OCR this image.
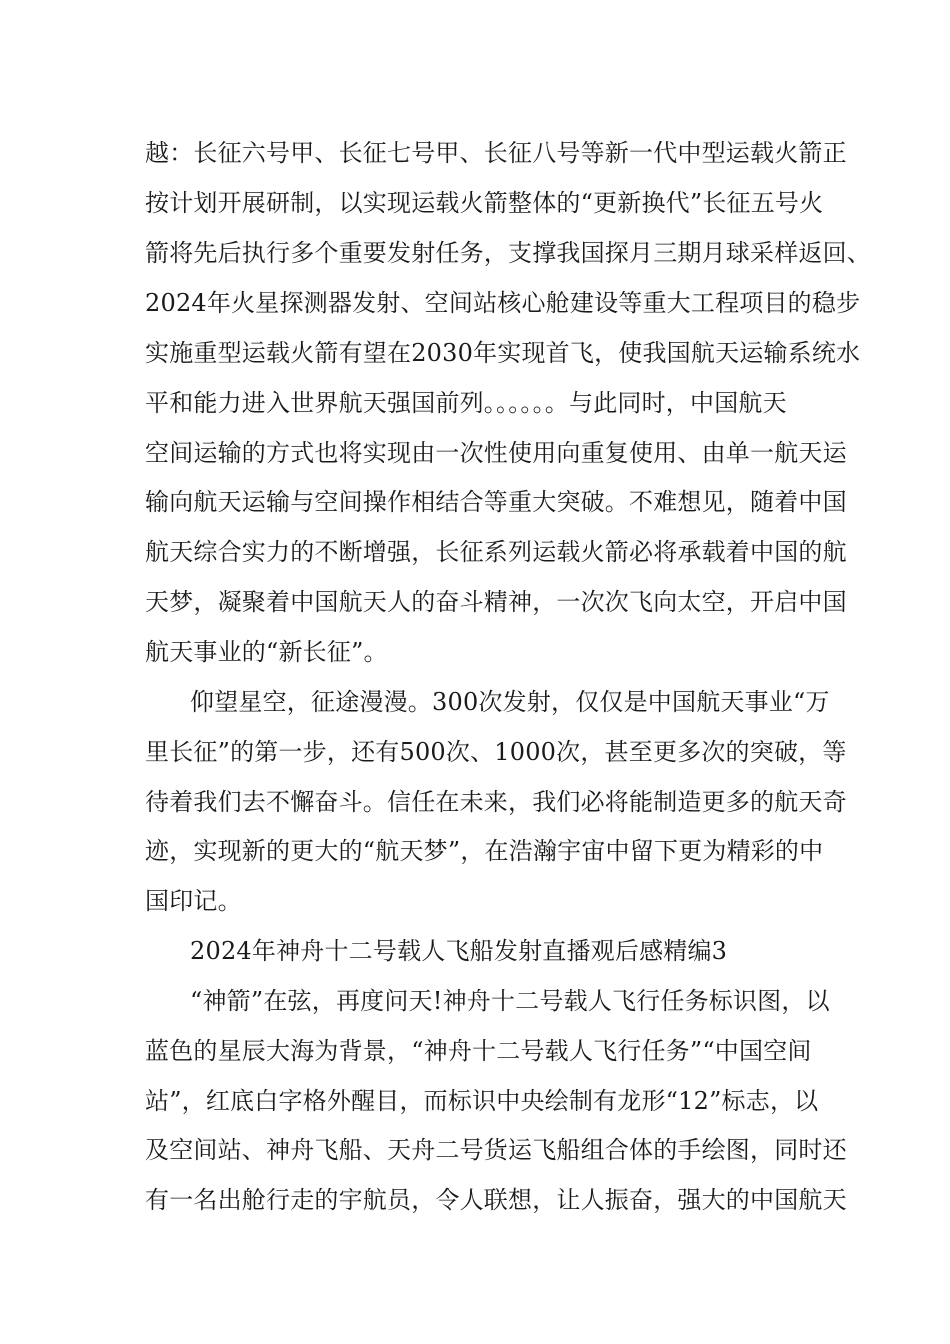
越：长征六号甲、长征七号甲、长征八号等新一代中型运载火箭正
按计划开展研制，以实现运载火箭整体的“更新换代”长征五号火
箭将先后执行多个重要发射任务，支撑我国探月三期月球采样返回、
2024年火星探测器发射、空间站核心舱建设等重大工程项目的稳步
实施重型运载火箭有望在2030年实现首飞，使我国航天运输系统水
平和能力进入世界航天强国前列。。。。。。与此同时，中国航天
空间运输的方式也将实现由一次性使用向重复使用、由单一航天运
输向航天运输与空间操作相结合等重大突破。不难想见，随着中国
航天综合实力的不断增强，长征系列运载火箭必将承载着中国的航
天梦，凝聚着中国航天人的奋斗精神，一次次飞向太空，开启中国
航天事业的“新长征”。
仰望星空，征途漫漫。300次发射，仅仅是中国航天事业“万
里长征”的第一步，还有500次、1000次，甚至更多次的突破，等
待着我们去不懈奋斗。信任在未来，我们必将能制造更多的航天奇
迹，实现新的更大的“航天梦”，在浩瀚宇宙中留下更为精彩的中
国印记。
2024年神舟十二号载人飞船发射直播观后感精编3
“神箭”在弦，再度问天!神舟十二号载人飞行任务标识图，以
蓝色的星辰大海为背景，“神舟十二号载人飞行任务”“中国空间
站”，红底白字格外醒目，而标识中央绘制有龙形“12”标志，以
及空间站、神舟飞船、天舟二号货运飞船组合体的手绘图，同时还
有一名出舱行走的宇航员，令人联想，让人振奋，强大的中国航天
